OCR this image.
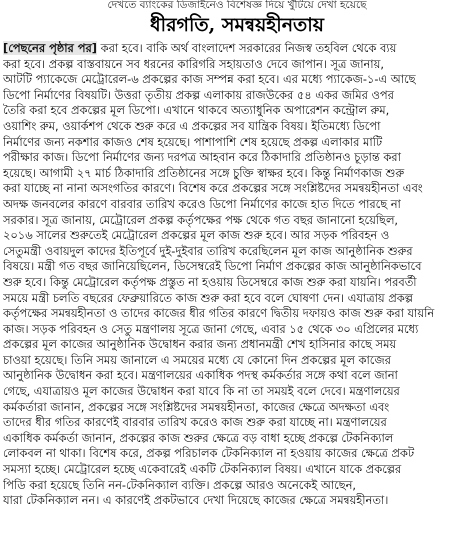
দেখতে ব্যাংকের ডিজাইনেও বিশেষজ্ঞ দিয়ে খুঁটিয়ে দেখা হয়েছে
ধীরগতি, সমন্বয়হীনতায়
[পেছনের পৃষ্ঠার পর] করা হবে। বাকি অর্থ বাংলাদেশ সরকারের নিজস্ব তহবিল থেকে ব্যয়
করা হবে। প্রকল্প বাস্তবায়নে সব ধরনের কারিগরি সহায়তাও দেবে জাপান। সূত্র জানায়,
আটটি প্যাকেজে মেট্রোরেল-৬ প্রকল্পের কাজ সম্পন্ন করা হবে। এর মধ্যে প্যাকেজ-১-এ আছে
ডিপো নির্মাণের বিষয়টি। উত্তরা তৃতীয় প্রকল্প এলাকায় রাজউকের ৫৪ একর জমির ওপর
তৈরি করা হবে প্রকল্পের মূল ডিপো। এখানে থাকবে অত্যাধুনিক অপারেশন কন্ট্রোল রুম,
ওয়াশিং রুম, ওয়ার্কশপ থেকে শুরু করে এ প্রকল্পের সব যান্ত্রিক বিষয়। ইতিমধ্যে ডিপো
নির্মাণের জন্য নকশার কাজও শেষ হয়েছে। পাশাপাশি শেষ হয়েছে প্রকল্প এলাকার মাটি
পরীক্ষার কাজ। ডিপো নির্মাণের জন্য দরপত্র আহবান করে ঠিকাদারি প্রতিষ্ঠানও চূড়ান্ত করা
হয়েছে। আগামী ২৭ মার্চ ঠিকাদারি প্রতিষ্ঠানের সঙ্গে চুক্তি স্বাক্ষর হবে। কিন্তু নির্মাণকাজ শুরু
করা যাচ্ছে না নানা অসংগতির কারণে। বিশেষ করে প্রকল্পের সঙ্গে সংশ্লিষ্টদের সমন্বয়হীনতা এবং
অদক্ষ জনবলের কারণে বারবার তারিখ করেও ডিপো নির্মাণের কাজে হাত দিতে পারছে না
সরকার। সূত্র জানায়, মেট্রোরেল প্রকল্প কর্তৃপক্ষের পক্ষ থেকে গত বছর জানানো হয়েছিল,
২০১৬ সালের শুরুতেই মেট্রোরেল প্রকল্পের মূল কাজ শুরু হবে। আর সড়ক পরিবহন ও
সেতুমন্ত্রী ওবায়দুল কাদের ইতিপূর্বে দুই-দুইবার তারিখ করেছিলেন মূল কাজ আনুষ্ঠানিক শুরুর
বিষয়ে। মন্ত্রী গত বছর জানিয়েছিলেন, ডিসেম্বরেই ডিপো নির্মাণ প্রকল্পের কাজ আনুষ্ঠানিকভাবে
শুরু হবে। কিন্তু মেট্রোরেল কর্তৃপক্ষ প্রস্তুত না হওয়ায় ডিসেম্বরে কাজ শুরু করা যায়নি। পরবর্তী
সময়ে মন্ত্রী চলতি বছরের ফেব্রুয়ারিতে কাজ শুরু করা হবে বলে ঘোষণা দেন। এযাত্রায় প্রকল্প
কর্তৃপক্ষের সমন্বয়হীনতা ও তাদের কাজের ধীর গতির কারণে দ্বিতীয় দফায়ও কাজ শুরু করা যায়নি
কাজ। সড়ক পরিবহন ও সেতু মন্ত্রণালয় সূত্রে জানা গেছে, এবার ১৫ থেকে ৩০ এপ্রিলের মধ্যে
প্রকল্পের মূল কাজের আনুষ্ঠানিক উদ্বোধন করার জন্য প্রধানমন্ত্রী শেখ হাসিনার কাছে সময়
চাওয়া হয়েছে। তিনি সময় জানালে এ সময়ের মধ্যে যে কোনো দিন প্রকল্পের মূল কাজের
আনুষ্ঠানিক উদ্বোধন করা হবে। মন্ত্রণালয়ের একাধিক পদস্থ কর্মকর্তার সঙ্গে কথা বলে জানা
গেছে, এযাত্রায়ও মূল কাজের উদ্বোধন করা যাবে কি না তা সময়ই বলে দেবে। মন্ত্রণালয়ের
কর্মকর্তারা জানান, প্রকল্পের সঙ্গে সংশ্লিষ্টদের সমন্বয়হীনতা, কাজের ক্ষেত্রে অদক্ষতা এবং
তাদের ধীর গতির কারণেই বারবার তারিখ করেও কাজ শুরু করা যাচ্ছে না। মন্ত্রণালয়ের
একাধিক কর্মকর্তা জানান, প্রকল্পের কাজ শুরুর ক্ষেত্রে বড় বাধা হচ্ছে প্রকল্পে টেকনিক্যাল
লোকবল না থাকা। বিশেষ করে, প্রকল্প পরিচালক টেকনিক্যাল না হওয়ায় কাজের ক্ষেত্রে প্রকট
সমস্যা হচ্ছে। মেট্রোরেল হচ্ছে একেবারেই একটি টেকনিক্যাল বিষয়। এখানে যাকে প্রকল্পের
পিডি করা হয়েছে তিনি নন-টেকনিক্যাল ব্যক্তি। প্রকল্পে আরও অনেকেই আছেন,
যারা টেকনিক্যাল নন। এ কারণেই প্রকটভাবে দেখা দিয়েছে কাজের ক্ষেত্রে সমন্বয়হীনতা।
